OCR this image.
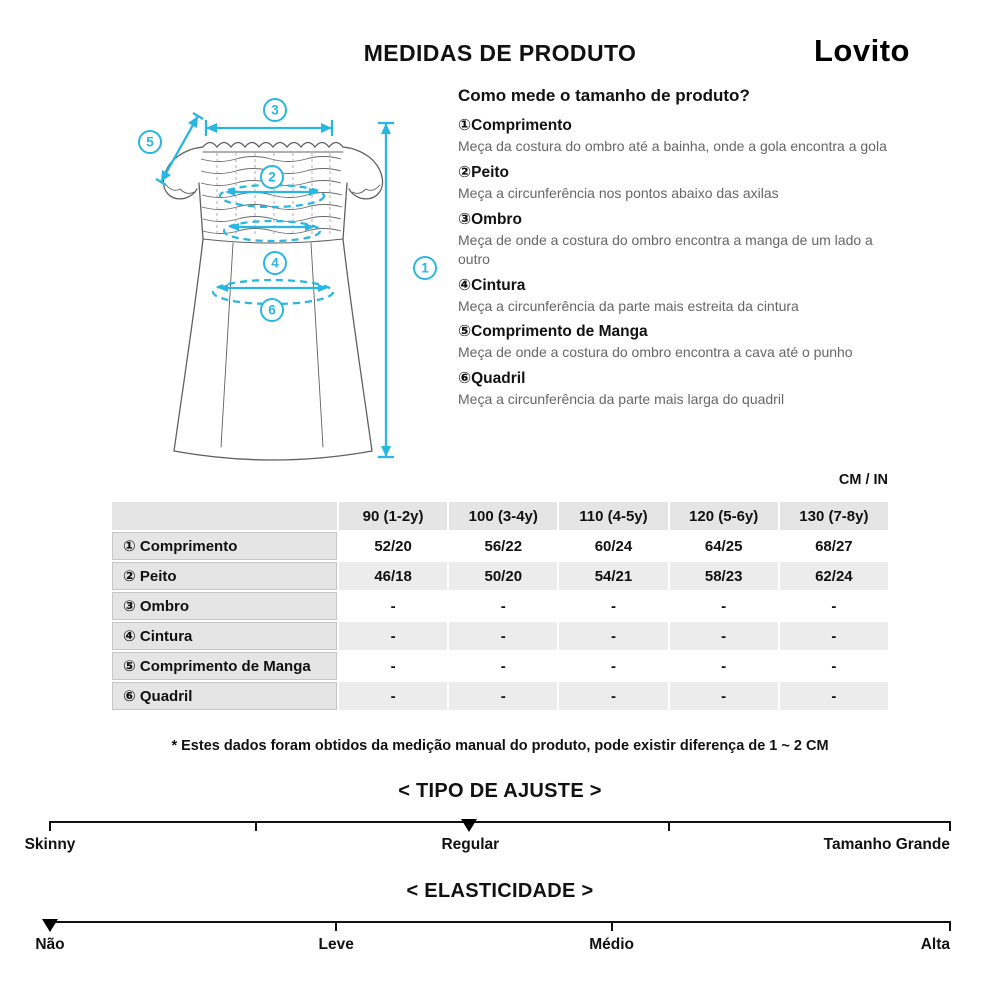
MEDIDAS DE PRODUTO	Lovito
3
5
2
4
6
1
Como mede o tamanho de produto?
①Comprimento
Meça da costura do ombro até a bainha, onde a gola encontra a gola
②Peito
Meça a circunferência nos pontos abaixo das axilas
③Ombro
Meça de onde a costura do ombro encontra a manga de um lado a outro
④Cintura
Meça a circunferência da parte mais estreita da cintura
⑤Comprimento de Manga
Meça de onde a costura do ombro encontra a cava até o punho
⑥Quadril
Meça a circunferência da parte mais larga do quadril
CM / IN
	90 (1-2y)	100 (3-4y)	110 (4-5y)	120 (5-6y)	130 (7-8y)
① Comprimento	52/20	56/22	60/24	64/25	68/27
② Peito	46/18	50/20	54/21	58/23	62/24
③ Ombro	-	-	-	-	-
④ Cintura	-	-	-	-	-
⑤ Comprimento de Manga	-	-	-	-	-
⑥ Quadril	-	-	-	-	-

* Estes dados foram obtidos da medição manual do produto, pode existir diferença de 1 ~ 2 CM

< TIPO DE AJUSTE >
Skinny	Regular	Tamanho Grande
< ELASTICIDADE >
Não	Leve	Médio	Alta
